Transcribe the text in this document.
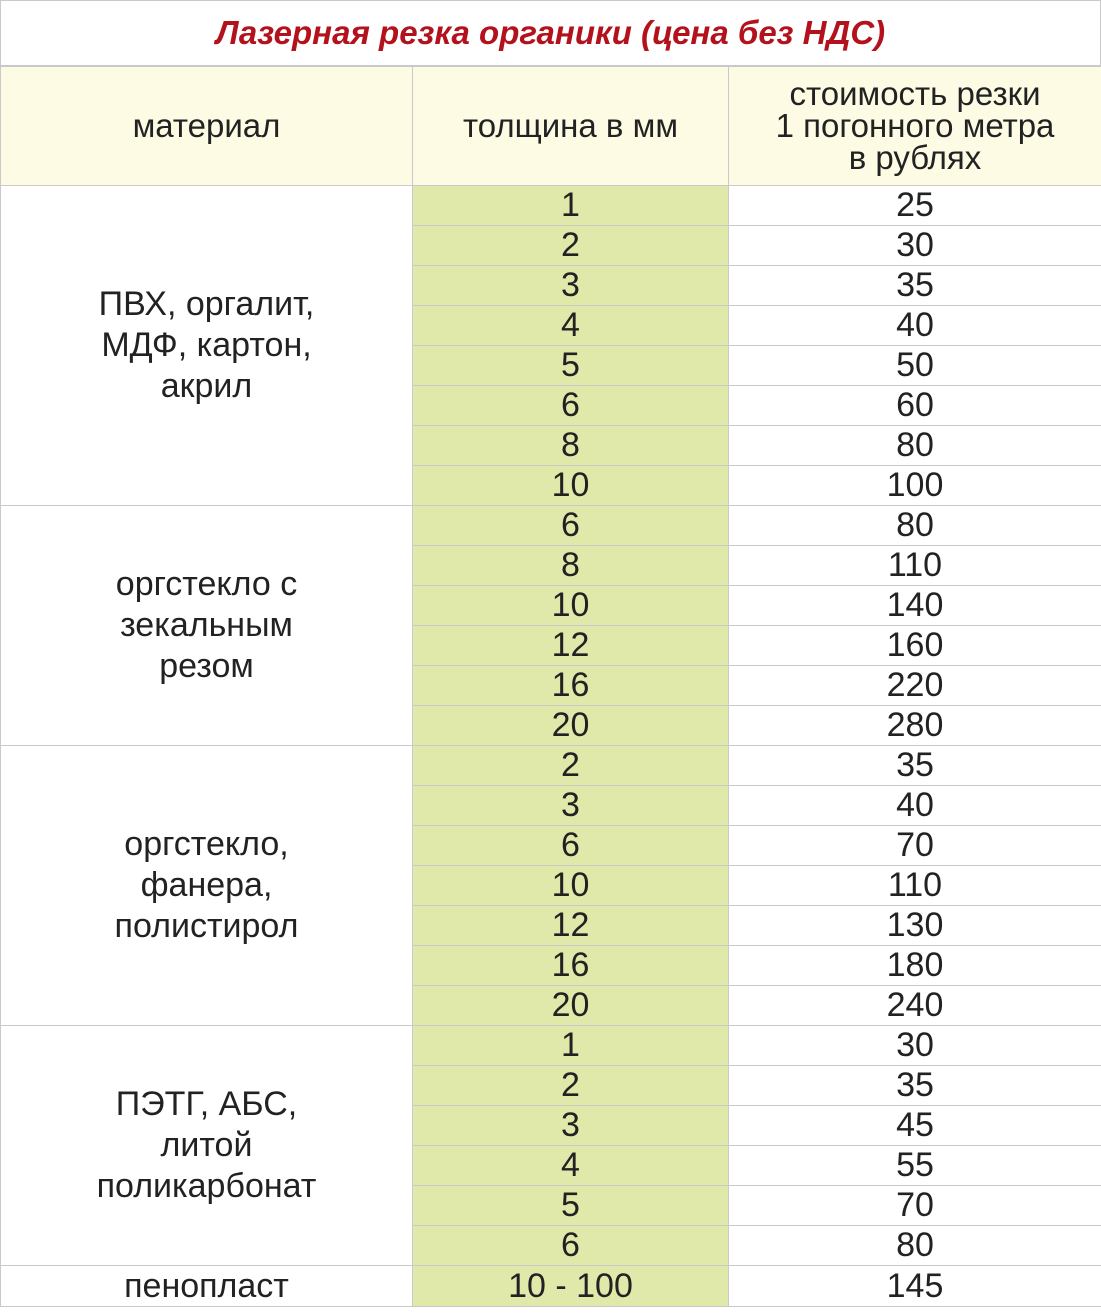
Лазерная резка органики (цена без НДС)
материал	толщина в мм	стоимость резки
1 погонного метра
в рублях

ПВХ, оргалит,
МДФ, картон,
акрил	1	25
	2	30
	3	35
	4	40
	5	50
	6	60
	8	80
	10	100

оргстекло с
зекальным
резом	6	80
	8	110
	10	140
	12	160
	16	220
	20	280

оргстекло,
фанера,
полистирол	2	35
	3	40
	6	70
	10	110
	12	130
	16	180
	20	240

ПЭТГ, АБС,
литой
поликарбонат	1	30
	2	35
	3	45
	4	55
	5	70
	6	80

пенопласт	10 - 100	145
